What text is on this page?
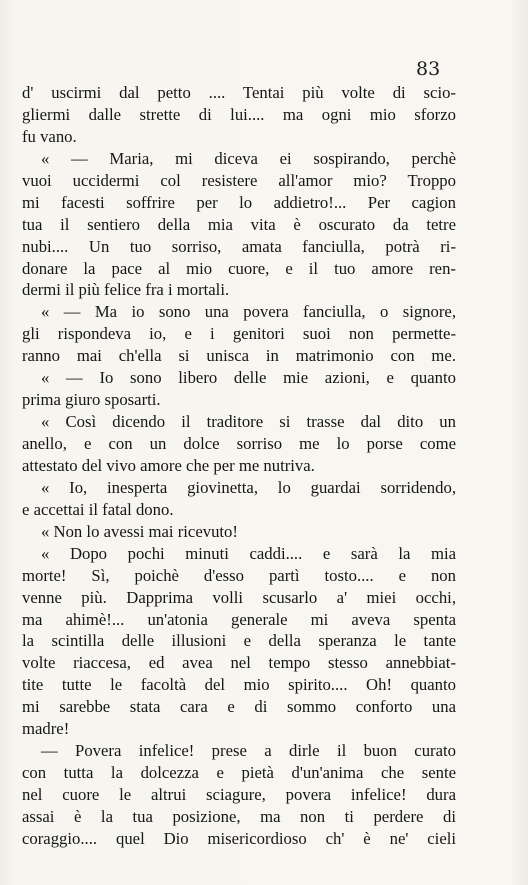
83
d' uscirmi dal petto .... Tentai più volte di scio-
gliermi dalle strette di lui.... ma ogni mio sforzo
fu vano.
« — Maria, mi diceva ei sospirando, perchè
vuoi uccidermi col resistere all'amor mio? Troppo
mi facesti soffrire per lo addietro!... Per cagion
tua il sentiero della mia vita è oscurato da tetre
nubi.... Un tuo sorriso, amata fanciulla, potrà ri-
donare la pace al mio cuore, e il tuo amore ren-
dermi il più felice fra i mortali.
« — Ma io sono una povera fanciulla, o signore,
gli rispondeva io, e i genitori suoi non permette-
ranno mai ch'ella si unisca in matrimonio con me.
« — Io sono libero delle mie azioni, e quanto
prima giuro sposarti.
« Così dicendo il traditore si trasse dal dito un
anello, e con un dolce sorriso me lo porse come
attestato del vivo amore che per me nutriva.
« Io, inesperta giovinetta, lo guardai sorridendo,
e accettai il fatal dono.
« Non lo avessi mai ricevuto!
« Dopo pochi minuti caddi.... e sarà la mia
morte! Sì, poichè d'esso partì tosto.... e non
venne più. Dapprima volli scusarlo a' miei occhi,
ma ahimè!... un'atonia generale mi aveva spenta
la scintilla delle illusioni e della speranza le tante
volte riaccesa, ed avea nel tempo stesso annebbiat-
tite tutte le facoltà del mio spirito.... Oh! quanto
mi sarebbe stata cara e di sommo conforto una
madre!
— Povera infelice! prese a dirle il buon curato
con tutta la dolcezza e pietà d'un'anima che sente
nel cuore le altrui sciagure, povera infelice! dura
assai è la tua posizione, ma non ti perdere di
coraggio.... quel Dio misericordioso ch' è ne' cieli
